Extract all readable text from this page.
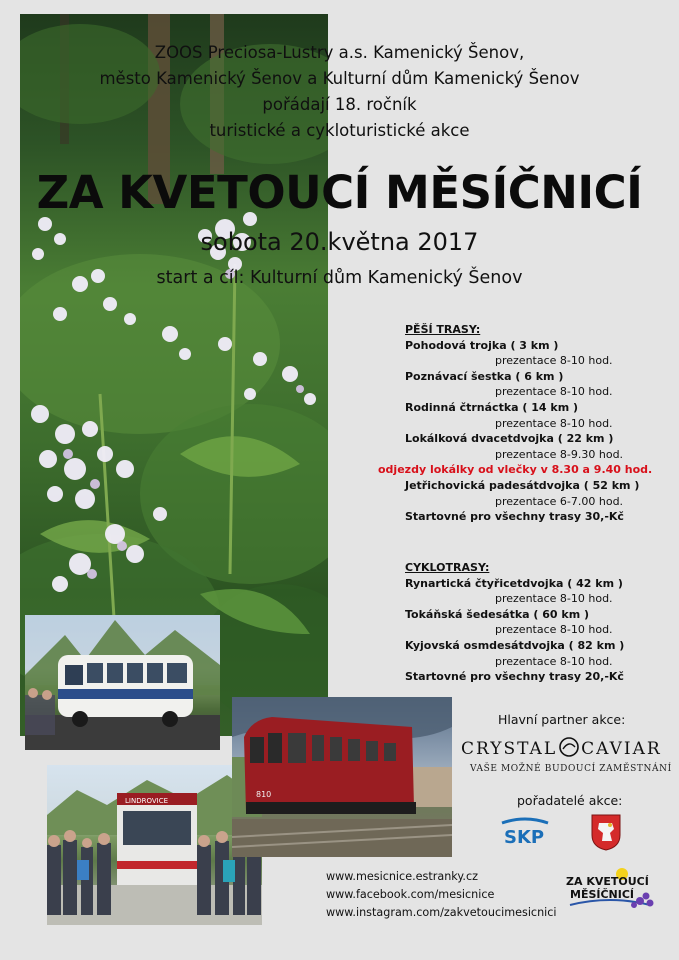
ZOOS Preciosa-Lustry a.s. Kamenický Šenov,

město Kamenický Šenov a Kulturní dům Kamenický Šenov

pořádají 18. ročník

turistické a cykloturistické akce

ZA KVETOUCÍ MĚSÍČNICÍ

sobota 20.května 2017

start a cíl: Kulturní dům Kamenický Šenov

PĚŠÍ TRASY:
Pohodová trojka ( 3 km )
prezentace 8-10 hod.
Poznávací šestka ( 6 km )
prezentace 8-10 hod.
Rodinná čtrnáctka ( 14 km )
prezentace 8-10 hod.
Lokálková dvacetdvojka ( 22 km )
prezentace 8-9.30 hod.
odjezdy lokálky od vlečky v 8.30 a 9.40 hod.
Jetřichovická padesátdvojka ( 52 km )
prezentace 6-7.00 hod.
Startovné pro všechny trasy 30,-Kč
CYKLOTRASY:
Rynartická čtyřicetdvojka ( 42 km )
prezentace 8-10 hod.
Tokáňská šedesátka ( 60 km )
prezentace 8-10 hod.
Kyjovská osmdesátdvojka ( 82 km )
prezentace 8-10 hod.
Startovné pro všechny trasy 20,-Kč
LINDROVICE
810
Hlavní partner akce:
CRYSTAL CAVIAR
VAŠE MOŽNÉ BUDOUCÍ ZAMĚSTNÁNÍ
pořadatelé akce:
SKP
ZA KVETOUCÍ
MĚSÍČNICÍ
www.mesicnice.estranky.cz
www.facebook.com/mesicnice
www.instagram.com/zakvetoucimesicnici
